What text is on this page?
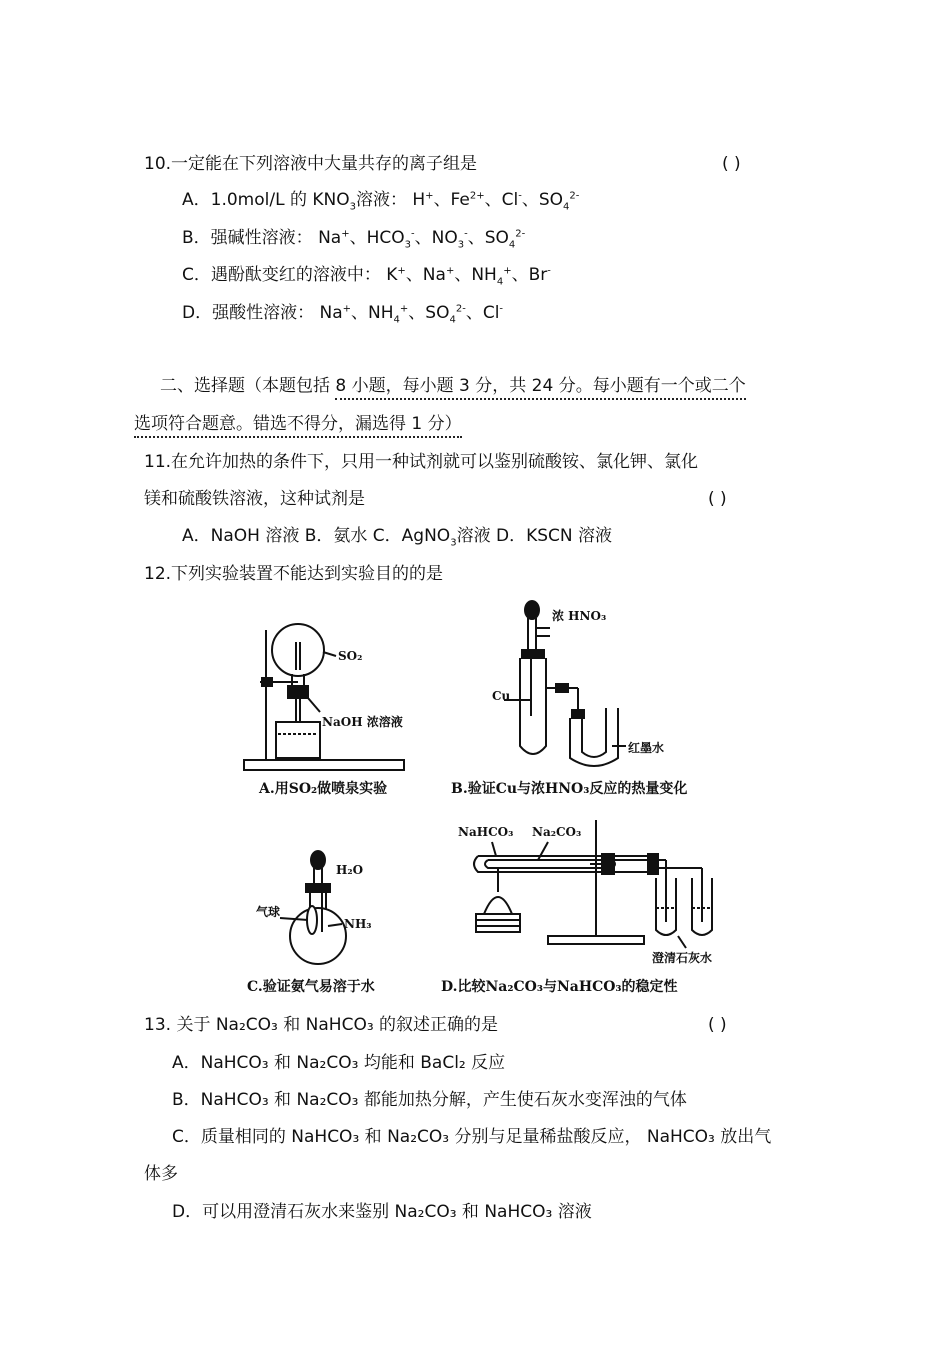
10.一定能在下列溶液中大量共存的离子组是	( )
A．1.0mol/L 的 $KNO_3$溶液： H+、$Fe^{2+}$、Cl-、$SO_4^{2-}$
B．强碱性溶液： Na+、$HCO_3^-$、$NO_3^-$、$SO_4^{2-}$
C．遇酚酞变红的溶液中： K+、Na+、$NH_4^+$、Br-
D．强酸性溶液： Na+、$NH_4^+$、$SO_4^{2-}$、Cl-
二、选择题（本题包括 8 小题，每小题 3 分，共 24 分。每小题有一个或二个
选项符合题意。错选不得分，漏选得 1 分）
11.在允许加热的条件下，只用一种试剂就可以鉴别硫酸铵、氯化钾、氯化
镁和硫酸铁溶液，这种试剂是	( )
A．NaOH 溶液 B．氨水 C．AgNO$_3$溶液 D．KSCN 溶液
12.下列实验装置不能达到实验目的的是
SO₂
NaOH 浓溶液
A.用SO₂做喷泉实验
浓 HNO₃
Cu
红墨水
B.验证Cu与浓HNO₃反应的热量变化
H₂O
气球
NH₃
C.验证氨气易溶于水
NaHCO₃ Na₂CO₃
澄清石灰水
D.比较Na₂CO₃与NaHCO₃的稳定性
13. 关于 Na₂CO₃ 和 NaHCO₃ 的叙述正确的是	( )
A．NaHCO₃ 和 Na₂CO₃ 均能和 BaCl₂ 反应
B．NaHCO₃ 和 Na₂CO₃ 都能加热分解，产生使石灰水变浑浊的气体
C．质量相同的 NaHCO₃ 和 Na₂CO₃ 分别与足量稀盐酸反应， NaHCO₃ 放出气
体多
D．可以用澄清石灰水来鉴别 Na₂CO₃ 和 NaHCO₃ 溶液
